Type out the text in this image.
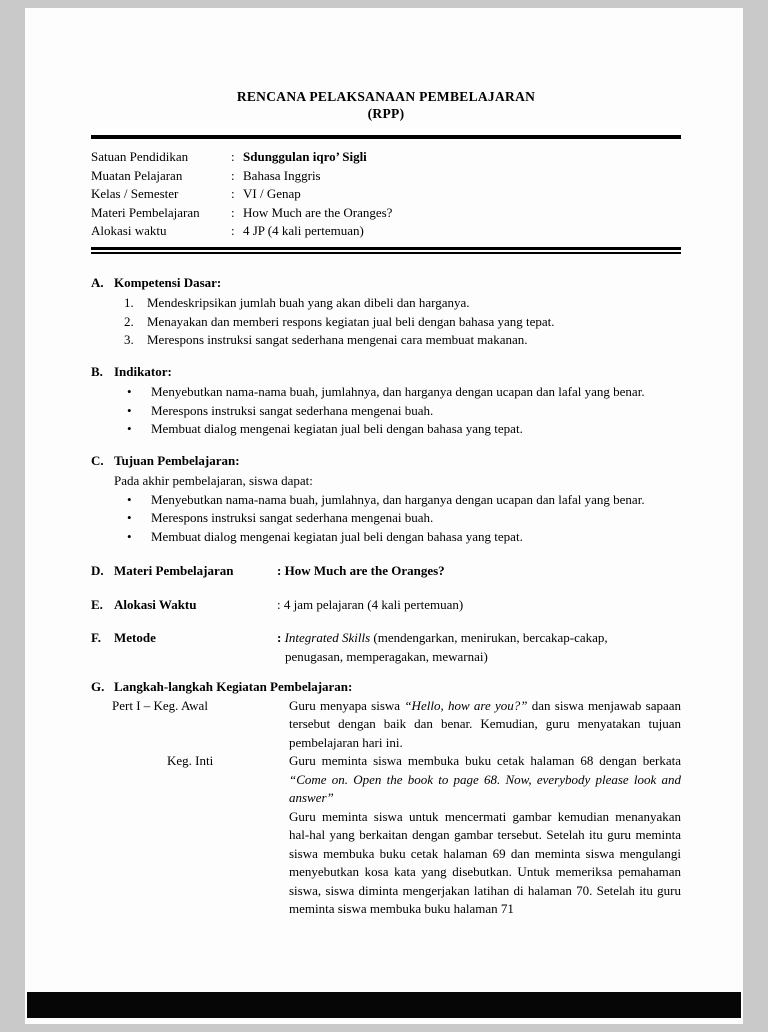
RENCANA PELAKSANAAN PEMBELAJARAN
(RPP)
Satuan Pendidikan	: Sdunggulan iqro’ Sigli
Muatan Pelajaran	: Bahasa Inggris
Kelas / Semester	: VI / Genap
Materi Pembelajaran	: How Much are the Oranges?
Alokasi waktu	: 4 JP (4 kali pertemuan)
A. Kompetensi Dasar:
1.	Mendeskripsikan jumlah buah yang akan dibeli dan harganya.
2.	Menayakan dan memberi respons kegiatan jual beli dengan bahasa yang tepat.
3.	Merespons instruksi sangat sederhana mengenai cara membuat makanan.
B. Indikator:
•	Menyebutkan nama-nama buah, jumlahnya, dan harganya dengan ucapan dan lafal yang benar.
•	Merespons instruksi sangat sederhana mengenai buah.
•	Membuat dialog mengenai kegiatan jual beli dengan bahasa yang tepat.
C. Tujuan Pembelajaran:
Pada akhir pembelajaran, siswa dapat:
•	Menyebutkan nama-nama buah, jumlahnya, dan harganya dengan ucapan dan lafal yang benar.
•	Merespons instruksi sangat sederhana mengenai buah.
•	Membuat dialog mengenai kegiatan jual beli dengan bahasa yang tepat.
D. Materi Pembelajaran	: How Much are the Oranges?
E. Alokasi Waktu	: 4 jam pelajaran (4 kali pertemuan)
F.	Metode	: Integrated Skills (mendengarkan, menirukan, bercakap-cakap,
penugasan, memperagakan, mewarnai)
G. Langkah-langkah Kegiatan Pembelajaran:
Pert I – Keg. Awal	Guru menyapa siswa “Hello, how are you?” dan siswa menjawab sapaan tersebut dengan baik dan benar. Kemudian, guru menyatakan tujuan pembelajaran hari ini.
Keg. Inti	Guru meminta siswa membuka buku cetak halaman 68 dengan berkata “Come on. Open the book to page 68. Now, everybody please look and answer”

Guru meminta siswa untuk mencermati gambar kemudian menanyakan hal-hal yang berkaitan dengan gambar tersebut. Setelah itu guru meminta siswa membuka buku cetak halaman 69 dan meminta siswa mengulangi menyebutkan kosa kata yang disebutkan. Untuk memeriksa pemahaman siswa, siswa diminta mengerjakan latihan di halaman 70. Setelah itu guru meminta siswa membuka buku halaman 71
